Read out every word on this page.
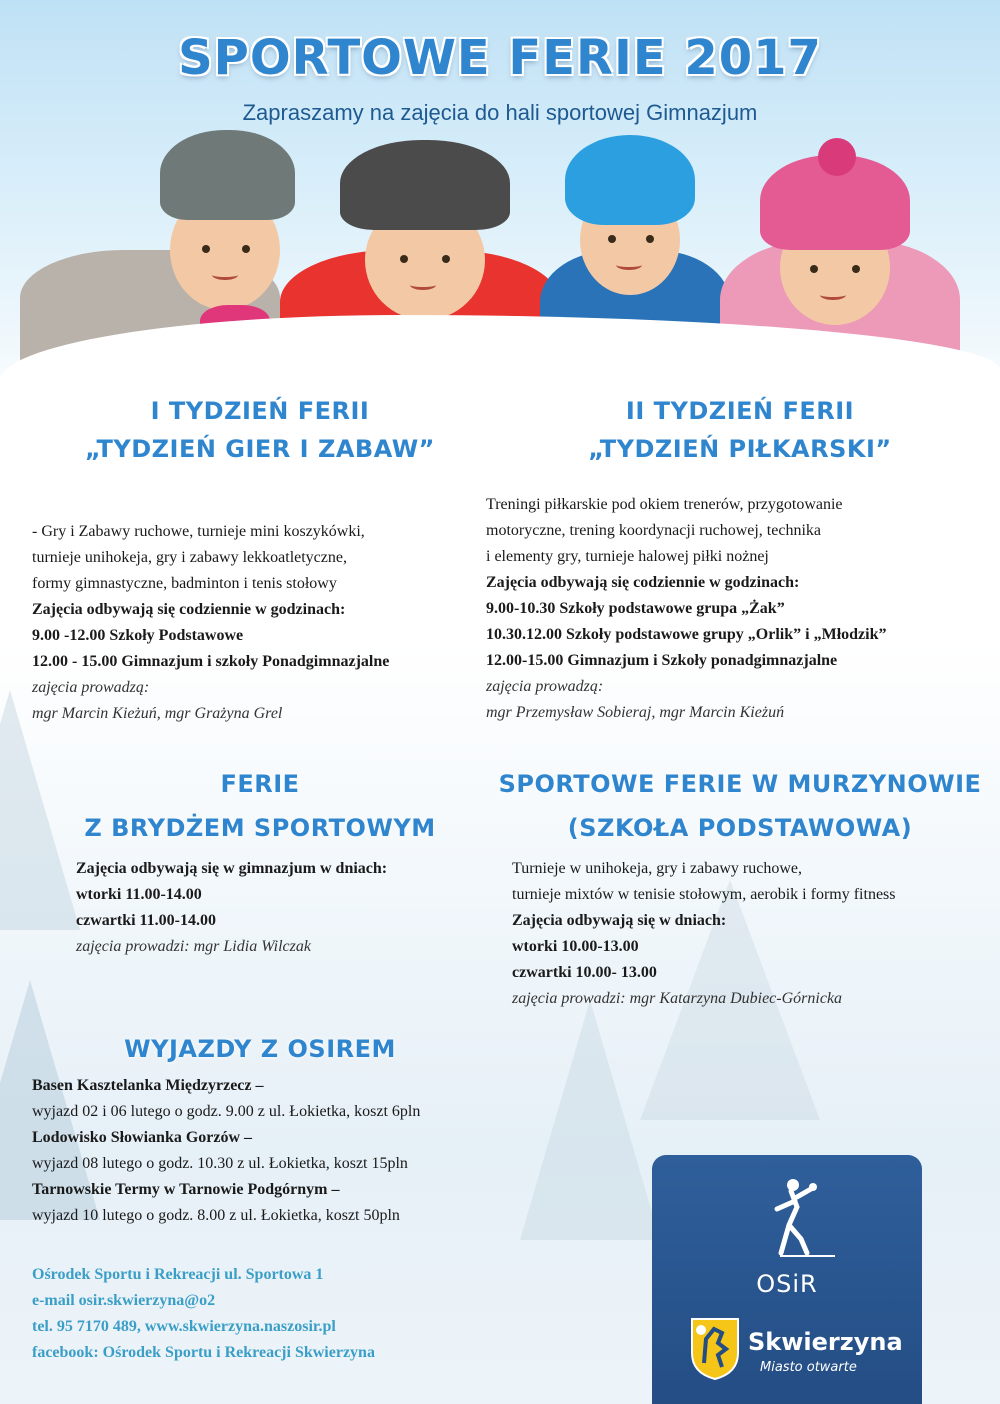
SPORTOWE FERIE 2017
Zapraszamy na zajęcia do hali sportowej Gimnazjum
I TYDZIEŃ FERII
„TYDZIEŃ GIER I ZABAW”
- Gry i Zabawy ruchowe, turnieje mini koszykówki,
turnieje unihokeja, gry i zabawy lekkoatletyczne,
formy gimnastyczne, badminton i tenis stołowy
Zajęcia odbywają się codziennie w godzinach:
9.00 -12.00 Szkoły Podstawowe
12.00 - 15.00 Gimnazjum i szkoły Ponadgimnazjalne
zajęcia prowadzą:
mgr Marcin Kieżuń, mgr Grażyna Grel
II TYDZIEŃ FERII
„TYDZIEŃ PIŁKARSKI”
Treningi piłkarskie pod okiem trenerów, przygotowanie
motoryczne, trening koordynacji ruchowej, technika
i elementy gry, turnieje halowej piłki nożnej
Zajęcia odbywają się codziennie w godzinach:
9.00-10.30 Szkoły podstawowe grupa „Żak”
10.30.12.00 Szkoły podstawowe grupy „Orlik” i „Młodzik”
12.00-15.00 Gimnazjum i Szkoły ponadgimnazjalne
zajęcia prowadzą:
mgr Przemysław Sobieraj, mgr Marcin Kieżuń
FERIE
Z BRYDŻEM SPORTOWYM
Zajęcia odbywają się w gimnazjum w dniach:
wtorki 11.00-14.00
czwartki 11.00-14.00
zajęcia prowadzi: mgr Lidia Wilczak
SPORTOWE FERIE W MURZYNOWIE
(SZKOŁA PODSTAWOWA)
Turnieje w unihokeja, gry i zabawy ruchowe,
turnieje mixtów w tenisie stołowym, aerobik i formy fitness
Zajęcia odbywają się w dniach:
wtorki 10.00-13.00
czwartki 10.00- 13.00
zajęcia prowadzi: mgr Katarzyna Dubiec-Górnicka
WYJAZDY Z OSIREM
Basen Kasztelanka Międzyrzecz –
wyjazd 02 i 06 lutego o godz. 9.00 z ul. Łokietka, koszt 6pln
Lodowisko Słowianka Gorzów –
wyjazd 08 lutego o godz. 10.30 z ul. Łokietka, koszt 15pln
Tarnowskie Termy w Tarnowie Podgórnym –
wyjazd 10 lutego o godz. 8.00 z ul. Łokietka, koszt 50pln
Ośrodek Sportu i Rekreacji ul. Sportowa 1
e-mail osir.skwierzyna@o2
tel. 95 7170 489, www.skwierzyna.naszosir.pl
facebook: Ośrodek Sportu i Rekreacji Skwierzyna
OSiR
Skwierzyna
Miasto otwarte
